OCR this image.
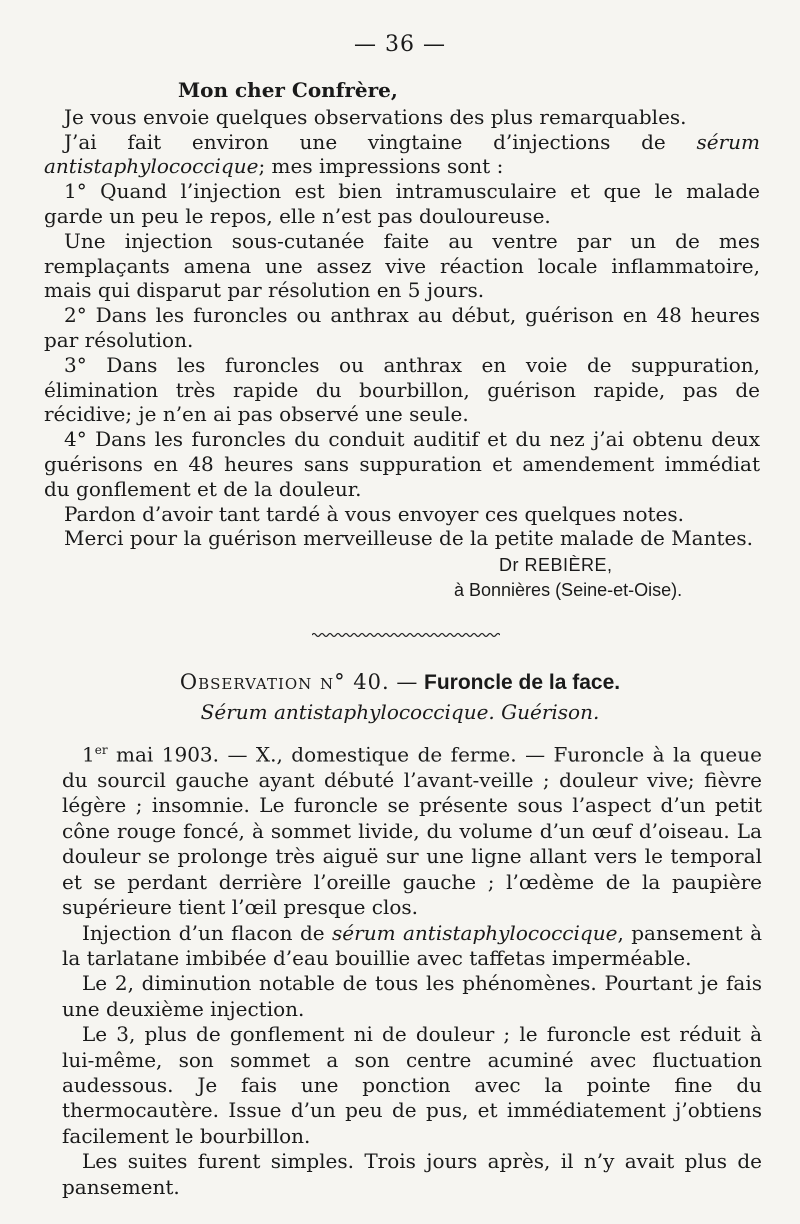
— 36 —
Mon cher Confrère,

Je vous envoie quelques observations des plus remarquables.

J’ai fait environ une vingtaine d’injections de sérum antistaphylococcique; mes impressions sont :

1° Quand l’injection est bien intramusculaire et que le malade garde un peu le repos, elle n’est pas douloureuse.

Une injection sous-cutanée faite au ventre par un de mes remplaçants amena une assez vive réaction locale inflammatoire, mais qui disparut par résolution en 5 jours.

2° Dans les furoncles ou anthrax au début, guérison en 48 heures par résolution.

3° Dans les furoncles ou anthrax en voie de suppuration, élimination très rapide du bourbillon, guérison rapide, pas de récidive; je n’en ai pas observé une seule.

4° Dans les furoncles du conduit auditif et du nez j’ai obtenu deux guérisons en 48 heures sans suppuration et amendement immédiat du gonflement et de la douleur.

Pardon d’avoir tant tardé à vous envoyer ces quelques notes.

Merci pour la guérison merveilleuse de la petite malade de Mantes.

Dr REBIÈRE,
à Bonnières (Seine-et-Oise).
Observation n° 40. — Furoncle de la face.
Sérum antistaphylococcique. Guérison.

1er mai 1903. — X., domestique de ferme. — Furoncle à la queue du sourcil gauche ayant débuté l’avant-veille ; douleur vive; fièvre légère ; insomnie. Le furoncle se présente sous l’aspect d’un petit cône rouge foncé, à sommet livide, du volume d’un œuf d’oiseau. La douleur se prolonge très aiguë sur une ligne allant vers le temporal et se perdant derrière l’oreille gauche ; l’œdème de la paupière supérieure tient l’œil presque clos.

Injection d’un flacon de sérum antistaphylococcique, pansement à la tarlatane imbibée d’eau bouillie avec taffetas imperméable.

Le 2, diminution notable de tous les phénomènes. Pourtant je fais une deuxième injection.

Le 3, plus de gonflement ni de douleur ; le furoncle est réduit à lui-même, son sommet a son centre acuminé avec fluctuation audessous. Je fais une ponction avec la pointe fine du thermocautère. Issue d’un peu de pus, et immédiatement j’obtiens facilement le bourbillon.

Les suites furent simples. Trois jours après, il n’y avait plus de pansement.
